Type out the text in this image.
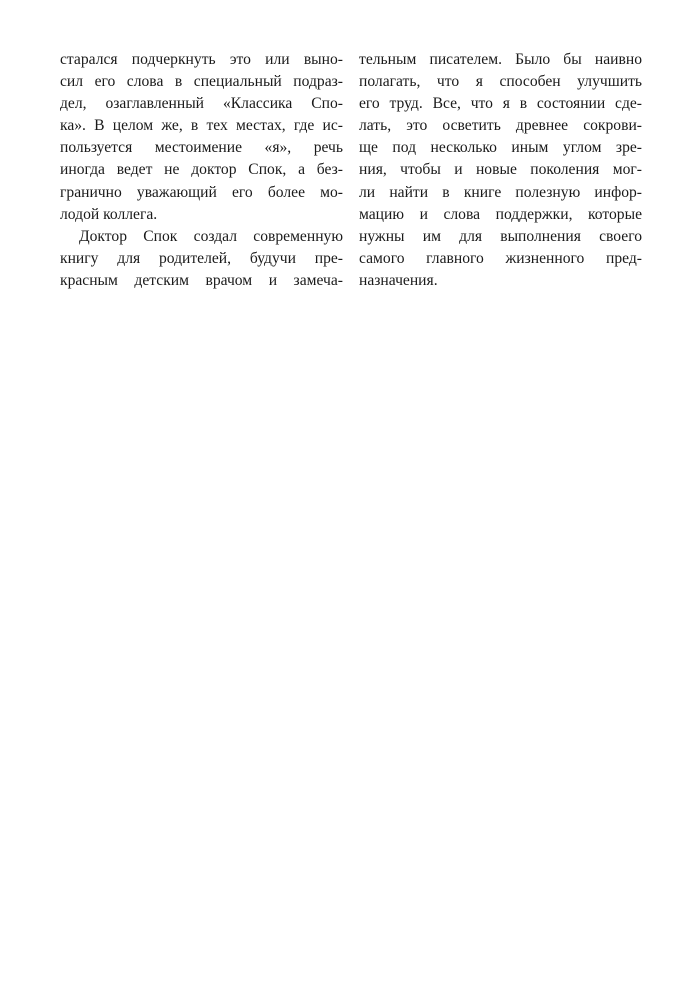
старался подчеркнуть это или выно-
сил его слова в специальный подраз-
дел, озаглавленный «Классика Спо-
ка». В целом же, в тех местах, где ис-
пользуется местоимение «я», речь
иногда ведет не доктор Спок, а без-
гранично уважающий его более мо-
лодой коллега.
Доктор Спок создал современную
книгу для родителей, будучи пре-
красным детским врачом и замеча-
тельным писателем. Было бы наивно
полагать, что я способен улучшить
его труд. Все, что я в состоянии сде-
лать, это осветить древнее сокрови-
ще под несколько иным углом зре-
ния, чтобы и новые поколения мог-
ли найти в книге полезную инфор-
мацию и слова поддержки, которые
нужны им для выполнения своего
самого главного жизненного пред-
назначения.
